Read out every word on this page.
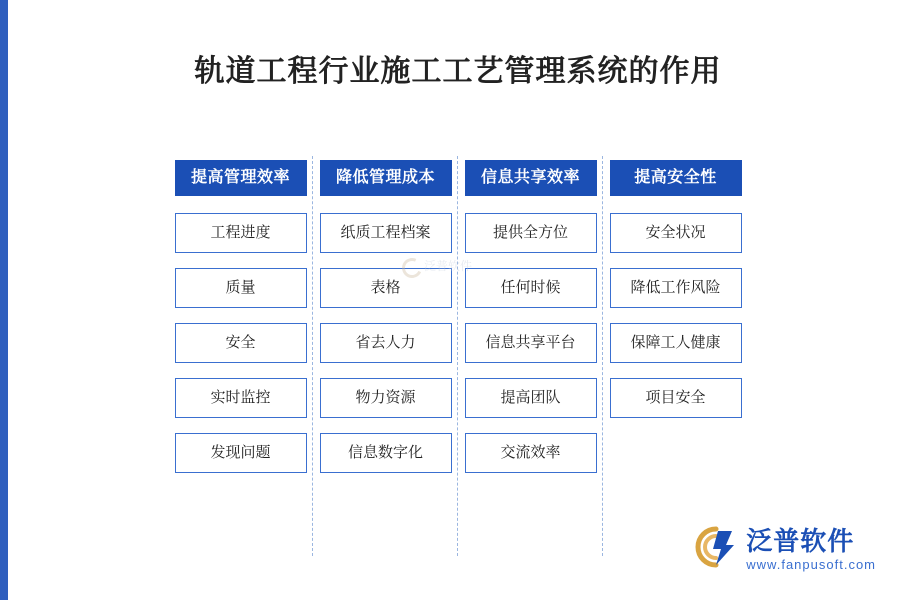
轨道工程行业施工工艺管理系统的作用
提高管理效率
工程进度
质量
安全
实时监控
发现问题
降低管理成本
纸质工程档案
表格
省去人力
物力资源
信息数字化
信息共享效率
提供全方位
任何时候
信息共享平台
提高团队
交流效率
提高安全性
安全状况
降低工作风险
保障工人健康
项目安全
泛普软件
泛普软件
www.fanpusoft.com
